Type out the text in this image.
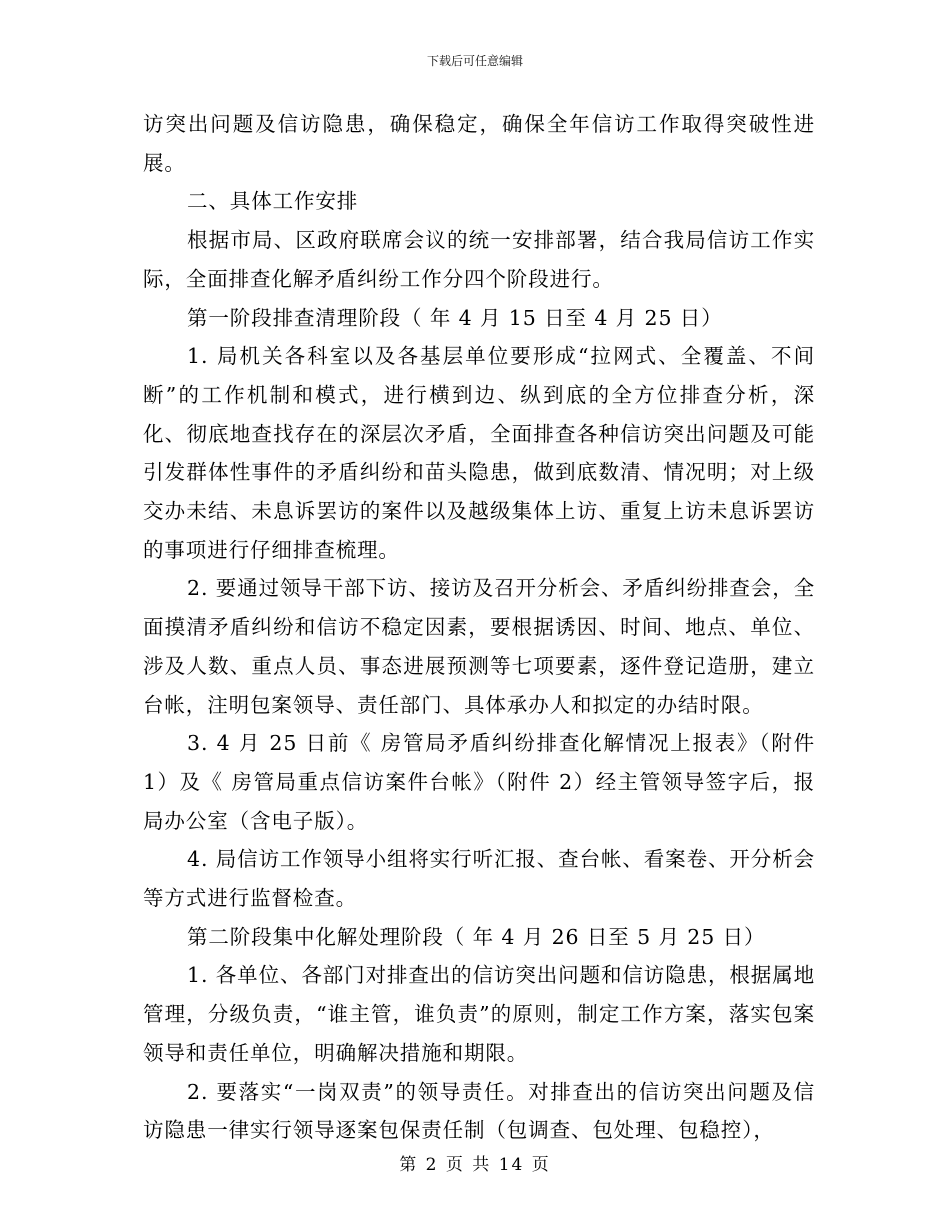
下载后可任意编辑

访突出问题及信访隐患，确保稳定，确保全年信访工作取得突破性进展。

二、具体工作安排

根据市局、区政府联席会议的统一安排部署，结合我局信访工作实际，全面排查化解矛盾纠纷工作分四个阶段进行。

第一阶段排查清理阶段（ 年 4 月 15 日至 4 月 25 日）

1. 局机关各科室以及各基层单位要形成“拉网式、全覆盖、不间断”的工作机制和模式，进行横到边、纵到底的全方位排查分析，深化、彻底地查找存在的深层次矛盾，全面排查各种信访突出问题及可能引发群体性事件的矛盾纠纷和苗头隐患，做到底数清、情况明；对上级交办未结、未息诉罢访的案件以及越级集体上访、重复上访未息诉罢访的事项进行仔细排查梳理。

2. 要通过领导干部下访、接访及召开分析会、矛盾纠纷排查会，全面摸清矛盾纠纷和信访不稳定因素，要根据诱因、时间、地点、单位、涉及人数、重点人员、事态进展预测等七项要素，逐件登记造册，建立台帐，注明包案领导、责任部门、具体承办人和拟定的办结时限。

3. 4 月 25 日前《 房管局矛盾纠纷排查化解情况上报表》（附件 1）及《 房管局重点信访案件台帐》（附件 2）经主管领导签字后，报局办公室（含电子版）。

4. 局信访工作领导小组将实行听汇报、查台帐、看案卷、开分析会等方式进行监督检查。

第二阶段集中化解处理阶段（ 年 4 月 26 日至 5 月 25 日）

1. 各单位、各部门对排查出的信访突出问题和信访隐患，根据属地管理，分级负责，“谁主管，谁负责”的原则，制定工作方案，落实包案领导和责任单位，明确解决措施和期限。

2. 要落实“一岗双责”的领导责任。对排查出的信访突出问题及信访隐患一律实行领导逐案包保责任制（包调查、包处理、包稳控），

第 2 页 共 14 页
